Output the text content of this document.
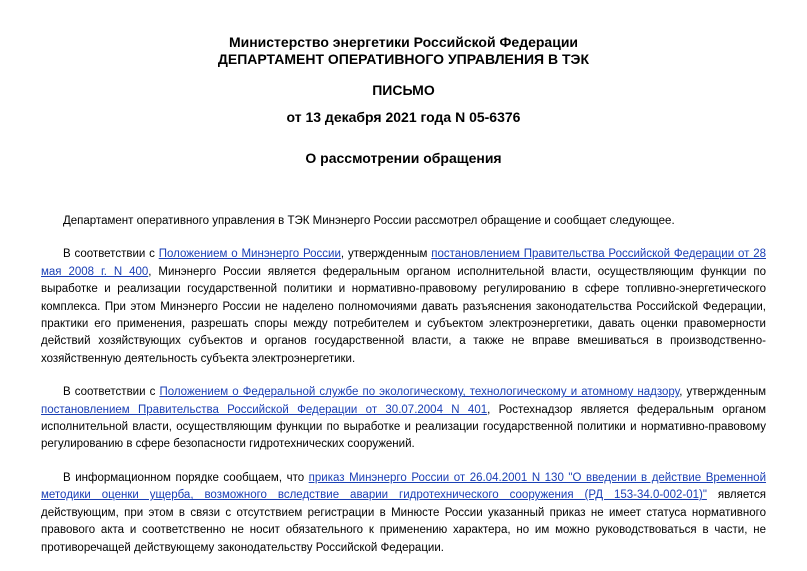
Министерство энергетики Российской Федерации
ДЕПАРТАМЕНТ ОПЕРАТИВНОГО УПРАВЛЕНИЯ В ТЭК
ПИСЬМО
от 13 декабря 2021 года N 05-6376
О рассмотрении обращения

Департамент оперативного управления в ТЭК Минэнерго России рассмотрел обращение и сообщает следующее.

В соответствии с Положением о Минэнерго России, утвержденным постановлением Правительства Российской Федерации от 28 мая 2008 г. N 400, Минэнерго России является федеральным органом исполнительной власти, осуществляющим функции по выработке и реализации государственной политики и нормативно-правовому регулированию в сфере топливно-энергетического комплекса. При этом Минэнерго России не наделено полномочиями давать разъяснения законодательства Российской Федерации, практики его применения, разрешать споры между потребителем и субъектом электроэнергетики, давать оценки правомерности действий хозяйствующих субъектов и органов государственной власти, а также не вправе вмешиваться в производственно-хозяйственную деятельность субъекта электроэнергетики.

В соответствии с Положением о Федеральной службе по экологическому, технологическому и атомному надзору, утвержденным постановлением Правительства Российской Федерации от 30.07.2004 N 401, Ростехнадзор является федеральным органом исполнительной власти, осуществляющим функции по выработке и реализации государственной политики и нормативно-правовому регулированию в сфере безопасности гидротехнических сооружений.

В информационном порядке сообщаем, что приказ Минэнерго России от 26.04.2001 N 130 "О введении в действие Временной методики оценки ущерба, возможного вследствие аварии гидротехнического сооружения (РД 153-34.0-002-01)" является действующим, при этом в связи с отсутствием регистрации в Минюсте России указанный приказ не имеет статуса нормативного правового акта и соответственно не носит обязательного к применению характера, но им можно руководствоваться в части, не противоречащей действующему законодательству Российской Федерации.
